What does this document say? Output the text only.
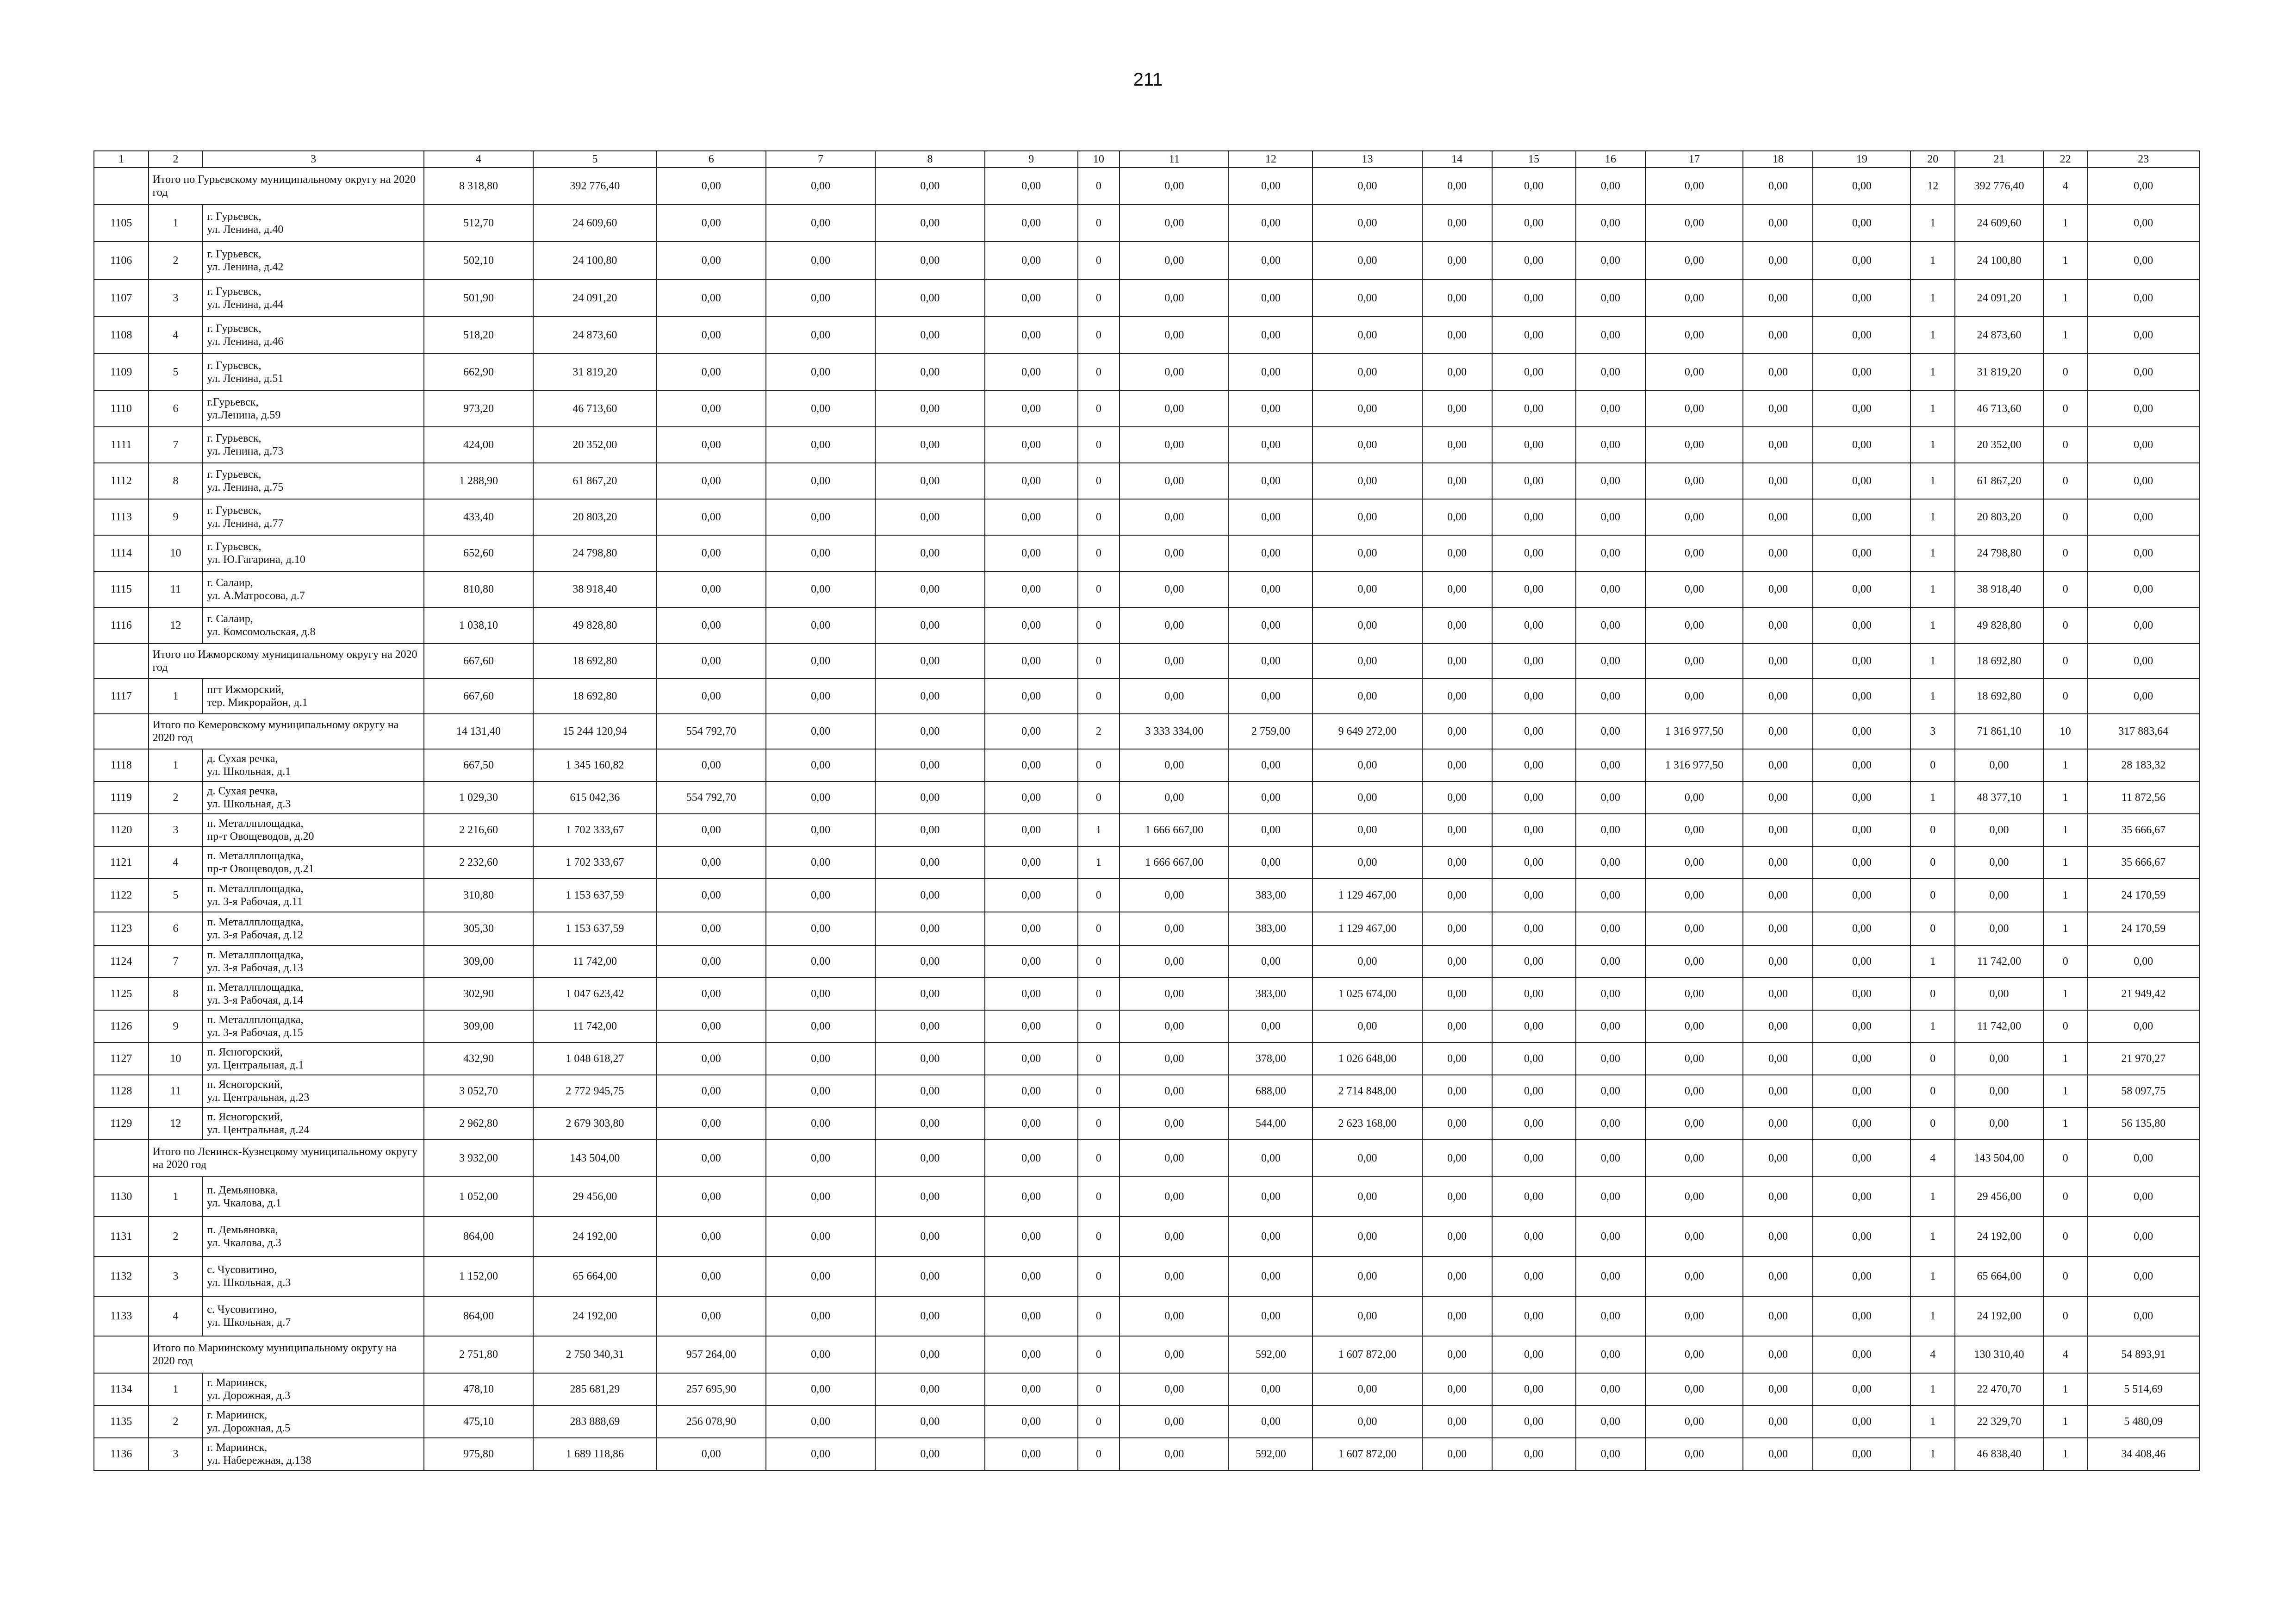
211
1	2	3	4	5	6	7	8	9	10	11	12	13	14	15	16	17	18	19	20	21	22	23
	Итого по Гурьевскому муниципальному округу на 2020 год		8 318,80	392 776,40	0,00	0,00	0,00	0,00	0	0,00	0,00	0,00	0,00	0,00	0,00	0,00	0,00	0,00	12	392 776,40	4	0,00
1105	1	г. Гурьевск,
ул. Ленина, д.40	512,70	24 609,60	0,00	0,00	0,00	0,00	0	0,00	0,00	0,00	0,00	0,00	0,00	0,00	0,00	0,00	1	24 609,60	1	0,00
1106	2	г. Гурьевск,
ул. Ленина, д.42	502,10	24 100,80	0,00	0,00	0,00	0,00	0	0,00	0,00	0,00	0,00	0,00	0,00	0,00	0,00	0,00	1	24 100,80	1	0,00
1107	3	г. Гурьевск,
ул. Ленина, д.44	501,90	24 091,20	0,00	0,00	0,00	0,00	0	0,00	0,00	0,00	0,00	0,00	0,00	0,00	0,00	0,00	1	24 091,20	1	0,00
1108	4	г. Гурьевск,
ул. Ленина, д.46	518,20	24 873,60	0,00	0,00	0,00	0,00	0	0,00	0,00	0,00	0,00	0,00	0,00	0,00	0,00	0,00	1	24 873,60	1	0,00
1109	5	г. Гурьевск,
ул. Ленина, д.51	662,90	31 819,20	0,00	0,00	0,00	0,00	0	0,00	0,00	0,00	0,00	0,00	0,00	0,00	0,00	0,00	1	31 819,20	0	0,00
1110	6	г.Гурьевск,
ул.Ленина, д.59	973,20	46 713,60	0,00	0,00	0,00	0,00	0	0,00	0,00	0,00	0,00	0,00	0,00	0,00	0,00	0,00	1	46 713,60	0	0,00
1111	7	г. Гурьевск,
ул. Ленина, д.73	424,00	20 352,00	0,00	0,00	0,00	0,00	0	0,00	0,00	0,00	0,00	0,00	0,00	0,00	0,00	0,00	1	20 352,00	0	0,00
1112	8	г. Гурьевск,
ул. Ленина, д.75	1 288,90	61 867,20	0,00	0,00	0,00	0,00	0	0,00	0,00	0,00	0,00	0,00	0,00	0,00	0,00	0,00	1	61 867,20	0	0,00
1113	9	г. Гурьевск,
ул. Ленина, д.77	433,40	20 803,20	0,00	0,00	0,00	0,00	0	0,00	0,00	0,00	0,00	0,00	0,00	0,00	0,00	0,00	1	20 803,20	0	0,00
1114	10	г. Гурьевск,
ул. Ю.Гагарина, д.10	652,60	24 798,80	0,00	0,00	0,00	0,00	0	0,00	0,00	0,00	0,00	0,00	0,00	0,00	0,00	0,00	1	24 798,80	0	0,00
1115	11	г. Салаир,
ул. А.Матросова, д.7	810,80	38 918,40	0,00	0,00	0,00	0,00	0	0,00	0,00	0,00	0,00	0,00	0,00	0,00	0,00	0,00	1	38 918,40	0	0,00
1116	12	г. Салаир,
ул. Комсомольская, д.8	1 038,10	49 828,80	0,00	0,00	0,00	0,00	0	0,00	0,00	0,00	0,00	0,00	0,00	0,00	0,00	0,00	1	49 828,80	0	0,00
	Итого по Ижморскому муниципальному округу на 2020 год		667,60	18 692,80	0,00	0,00	0,00	0,00	0	0,00	0,00	0,00	0,00	0,00	0,00	0,00	0,00	0,00	1	18 692,80	0	0,00
1117	1	пгт Ижморский,
тер. Микрорайон, д.1	667,60	18 692,80	0,00	0,00	0,00	0,00	0	0,00	0,00	0,00	0,00	0,00	0,00	0,00	0,00	0,00	1	18 692,80	0	0,00
	Итого по Кемеровскому муниципальному округу на 2020 год		14 131,40	15 244 120,94	554 792,70	0,00	0,00	0,00	2	3 333 334,00	2 759,00	9 649 272,00	0,00	0,00	0,00	1 316 977,50	0,00	0,00	3	71 861,10	10	317 883,64
1118	1	д. Сухая речка,
ул. Школьная, д.1	667,50	1 345 160,82	0,00	0,00	0,00	0,00	0	0,00	0,00	0,00	0,00	0,00	0,00	1 316 977,50	0,00	0,00	0	0,00	1	28 183,32
1119	2	д. Сухая речка,
ул. Школьная, д.3	1 029,30	615 042,36	554 792,70	0,00	0,00	0,00	0	0,00	0,00	0,00	0,00	0,00	0,00	0,00	0,00	0,00	1	48 377,10	1	11 872,56
1120	3	п. Металлплощадка,
пр-т Овощеводов, д.20	2 216,60	1 702 333,67	0,00	0,00	0,00	0,00	1	1 666 667,00	0,00	0,00	0,00	0,00	0,00	0,00	0,00	0,00	0	0,00	1	35 666,67
1121	4	п. Металлплощадка,
пр-т Овощеводов, д.21	2 232,60	1 702 333,67	0,00	0,00	0,00	0,00	1	1 666 667,00	0,00	0,00	0,00	0,00	0,00	0,00	0,00	0,00	0	0,00	1	35 666,67
1122	5	п. Металлплощадка,
ул. 3-я Рабочая, д.11	310,80	1 153 637,59	0,00	0,00	0,00	0,00	0	0,00	383,00	1 129 467,00	0,00	0,00	0,00	0,00	0,00	0,00	0	0,00	1	24 170,59
1123	6	п. Металлплощадка,
ул. 3-я Рабочая, д.12	305,30	1 153 637,59	0,00	0,00	0,00	0,00	0	0,00	383,00	1 129 467,00	0,00	0,00	0,00	0,00	0,00	0,00	0	0,00	1	24 170,59
1124	7	п. Металлплощадка,
ул. 3-я Рабочая, д.13	309,00	11 742,00	0,00	0,00	0,00	0,00	0	0,00	0,00	0,00	0,00	0,00	0,00	0,00	0,00	0,00	1	11 742,00	0	0,00
1125	8	п. Металлплощадка,
ул. 3-я Рабочая, д.14	302,90	1 047 623,42	0,00	0,00	0,00	0,00	0	0,00	383,00	1 025 674,00	0,00	0,00	0,00	0,00	0,00	0,00	0	0,00	1	21 949,42
1126	9	п. Металлплощадка,
ул. 3-я Рабочая, д.15	309,00	11 742,00	0,00	0,00	0,00	0,00	0	0,00	0,00	0,00	0,00	0,00	0,00	0,00	0,00	0,00	1	11 742,00	0	0,00
1127	10	п. Ясногорский,
ул. Центральная, д.1	432,90	1 048 618,27	0,00	0,00	0,00	0,00	0	0,00	378,00	1 026 648,00	0,00	0,00	0,00	0,00	0,00	0,00	0	0,00	1	21 970,27
1128	11	п. Ясногорский,
ул. Центральная, д.23	3 052,70	2 772 945,75	0,00	0,00	0,00	0,00	0	0,00	688,00	2 714 848,00	0,00	0,00	0,00	0,00	0,00	0,00	0	0,00	1	58 097,75
1129	12	п. Ясногорский,
ул. Центральная, д.24	2 962,80	2 679 303,80	0,00	0,00	0,00	0,00	0	0,00	544,00	2 623 168,00	0,00	0,00	0,00	0,00	0,00	0,00	0	0,00	1	56 135,80
	Итого по Ленинск-Кузнецкому муниципальному округу на 2020 год		3 932,00	143 504,00	0,00	0,00	0,00	0,00	0	0,00	0,00	0,00	0,00	0,00	0,00	0,00	0,00	0,00	4	143 504,00	0	0,00
1130	1	п. Демьяновка,
ул. Чкалова, д.1	1 052,00	29 456,00	0,00	0,00	0,00	0,00	0	0,00	0,00	0,00	0,00	0,00	0,00	0,00	0,00	0,00	1	29 456,00	0	0,00
1131	2	п. Демьяновка,
ул. Чкалова, д.3	864,00	24 192,00	0,00	0,00	0,00	0,00	0	0,00	0,00	0,00	0,00	0,00	0,00	0,00	0,00	0,00	1	24 192,00	0	0,00
1132	3	с. Чусовитино,
ул. Школьная, д.3	1 152,00	65 664,00	0,00	0,00	0,00	0,00	0	0,00	0,00	0,00	0,00	0,00	0,00	0,00	0,00	0,00	1	65 664,00	0	0,00
1133	4	с. Чусовитино,
ул. Школьная, д.7	864,00	24 192,00	0,00	0,00	0,00	0,00	0	0,00	0,00	0,00	0,00	0,00	0,00	0,00	0,00	0,00	1	24 192,00	0	0,00
	Итого по Мариинскому муниципальному округу на 2020 год		2 751,80	2 750 340,31	957 264,00	0,00	0,00	0,00	0	0,00	592,00	1 607 872,00	0,00	0,00	0,00	0,00	0,00	0,00	4	130 310,40	4	54 893,91
1134	1	г. Мариинск,
ул. Дорожная, д.3	478,10	285 681,29	257 695,90	0,00	0,00	0,00	0	0,00	0,00	0,00	0,00	0,00	0,00	0,00	0,00	0,00	1	22 470,70	1	5 514,69
1135	2	г. Мариинск,
ул. Дорожная, д.5	475,10	283 888,69	256 078,90	0,00	0,00	0,00	0	0,00	0,00	0,00	0,00	0,00	0,00	0,00	0,00	0,00	1	22 329,70	1	5 480,09
1136	3	г. Мариинск,
ул. Набережная, д.138	975,80	1 689 118,86	0,00	0,00	0,00	0,00	0	0,00	592,00	1 607 872,00	0,00	0,00	0,00	0,00	0,00	0,00	1	46 838,40	1	34 408,46
